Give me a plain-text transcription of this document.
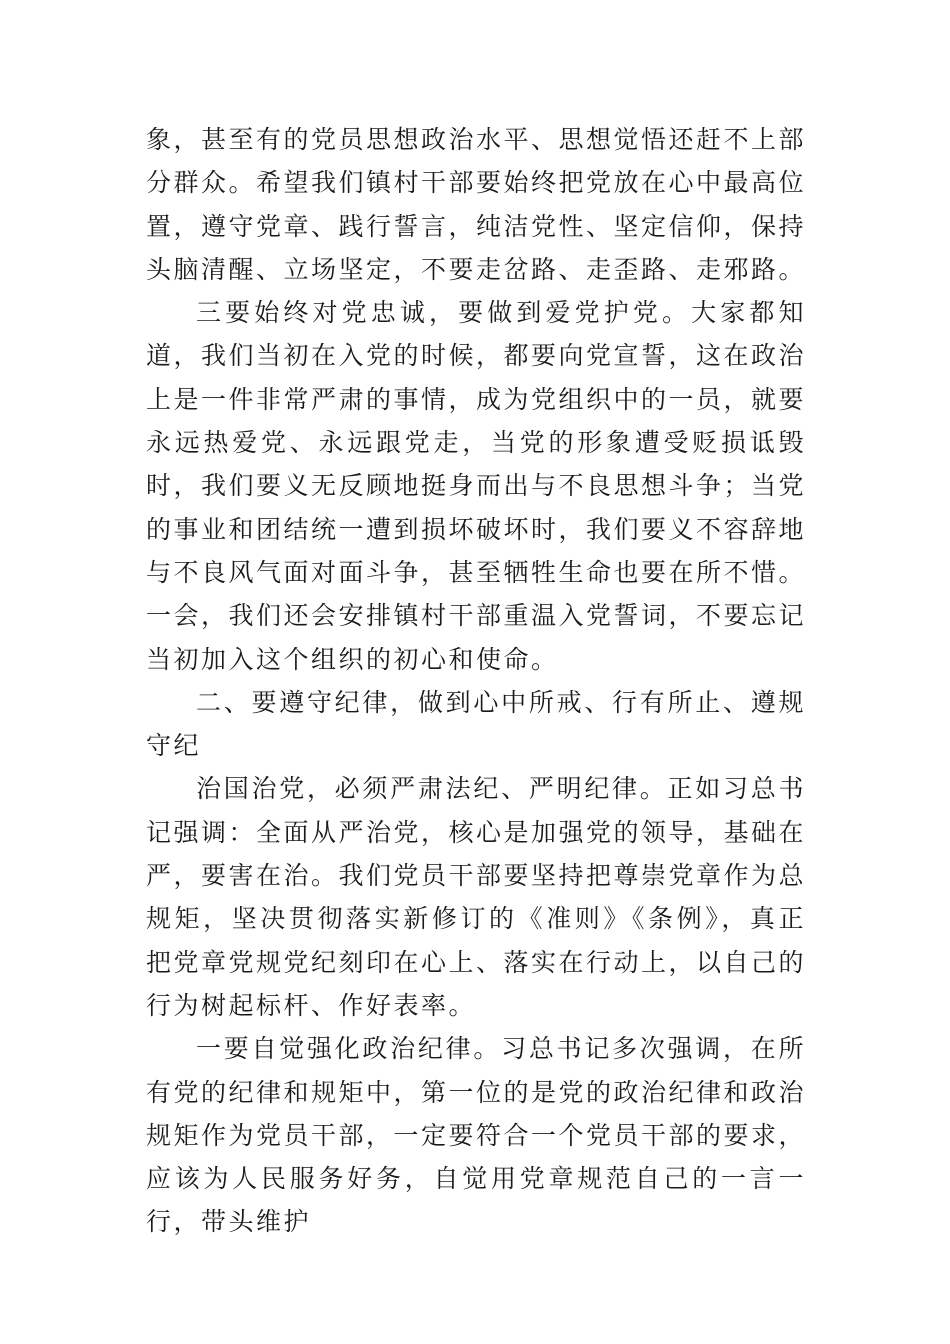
象，甚至有的党员思想政治水平、思想觉悟还赶不上部分群众。希望我们镇村干部要始终把党放在心中最高位置，遵守党章、践行誓言，纯洁党性、坚定信仰，保持头脑清醒、立场坚定，不要走岔路、走歪路、走邪路。

三要始终对党忠诚，要做到爱党护党。大家都知道，我们当初在入党的时候，都要向党宣誓，这在政治上是一件非常严肃的事情，成为党组织中的一员，就要永远热爱党、永远跟党走，当党的形象遭受贬损诋毁时，我们要义无反顾地挺身而出与不良思想斗争；当党的事业和团结统一遭到损坏破坏时，我们要义不容辞地与不良风气面对面斗争，甚至牺牲生命也要在所不惜。一会，我们还会安排镇村干部重温入党誓词，不要忘记当初加入这个组织的初心和使命。

二、要遵守纪律，做到心中所戒、行有所止、遵规守纪

治国治党，必须严肃法纪、严明纪律。正如习总书记强调：全面从严治党，核心是加强党的领导，基础在严，要害在治。我们党员干部要坚持把尊崇党章作为总规矩，坚决贯彻落实新修订的《准则》《条例》，真正把党章党规党纪刻印在心上、落实在行动上，以自己的行为树起标杆、作好表率。

一要自觉强化政治纪律。习总书记多次强调，在所有党的纪律和规矩中，第一位的是党的政治纪律和政治规矩作为党员干部，一定要符合一个党员干部的要求，应该为人民服务好务，自觉用党章规范自己的一言一行，带头维护
